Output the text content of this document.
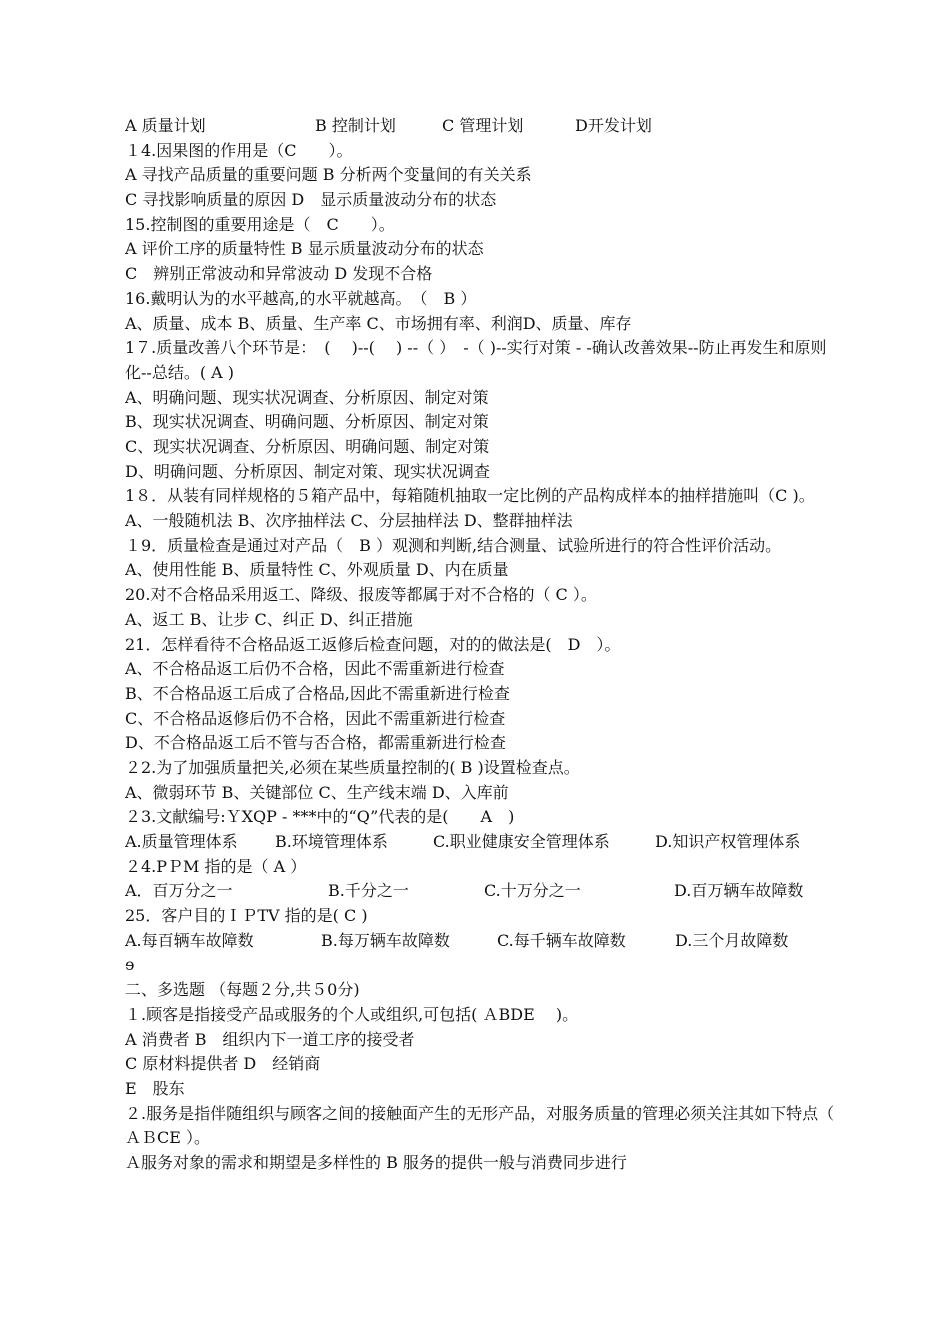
A 质量计划	B 控制计划	C 管理计划	D开发计划
１4.因果图的作用是（C　　）。
A 寻找产品质量的重要问题 B 分析两个变量间的有关关系
C 寻找影响质量的原因 D　显示质量波动分布的状态
15.控制图的重要用途是（　C　　）。
A 评价工序的质量特性 B 显示质量波动分布的状态
C　辨别正常波动和异常波动 D 发现不合格
16.戴明认为的水平越高,的水平就越高。　（　B ）
A、质量、成本 B、质量、生产率 C、市场拥有率、利润D、质量、库存
1７.质量改善八个环节是：　(　 )--(　 ) --（ ）　-（ )--实行对策 - -确认改善效果--防止再发生和原则化--总结。( A )
A、明确问题、现实状况调查、分析原因、制定对策
B、现实状况调查、明确问题、分析原因、制定对策
C、现实状况调查、分析原因、明确问题、制定对策
D、明确问题、分析原因、制定对策、现实状况调查
1８．从装有同样规格的５箱产品中，每箱随机抽取一定比例的产品构成样本的抽样措施叫（C )。
A、一般随机法 B、次序抽样法 C、分层抽样法 D、整群抽样法
１9．质量检查是通过对产品（　B ）观测和判断,结合测量、试验所进行的符合性评价活动。
A、使用性能 B、质量特性 C、外观质量 D、内在质量
20.对不合格品采用返工、降级、报废等都属于对不合格的（ C ）。
A、返工 B、让步 C、纠正 D、纠正措施
21．怎样看待不合格品返工返修后检查问题，对的的做法是(　D　）。
A、不合格品返工后仍不合格，因此不需重新进行检查
B、不合格品返工后成了合格品,因此不需重新进行检查
C、不合格品返修后仍不合格，因此不需重新进行检查
D、不合格品返工后不管与否合格，都需重新进行检查
２2.为了加强质量把关,必须在某些质量控制的( B )设置检查点。
A、微弱环节 B、关键部位 C、生产线末端 D、入库前
２3.文献编号:ＹXQP - ***中的“Q”代表的是(　　A　)
A.质量管理体系	B.环境管理体系	C.职业健康安全管理体系	D.知识产权管理体系
２4.PＰM 指的是（ A ）
A．百万分之一	B.千分之一	C.十万分之一	D.百万辆车故障数
25．客户目的ＩＰTV 指的是( C )
A.每百辆车故障数	B.每万辆车故障数	C.每千辆车故障数	D.三个月故障数
ɘ
二、多选题 （每题２分,共５0分)
１.顾客是指接受产品或服务的个人或组织,可包括( ＡBDE　 )。
A 消费者 B　组织内下一道工序的接受者
C 原材料提供者 D　经销商
E　股东
２.服务是指伴随组织与顾客之间的接触面产生的无形产品，对服务质量的管理必须关注其如下特点（　　ＡＢCE ）。
Ａ服务对象的需求和期望是多样性的 B 服务的提供一般与消费同步进行
